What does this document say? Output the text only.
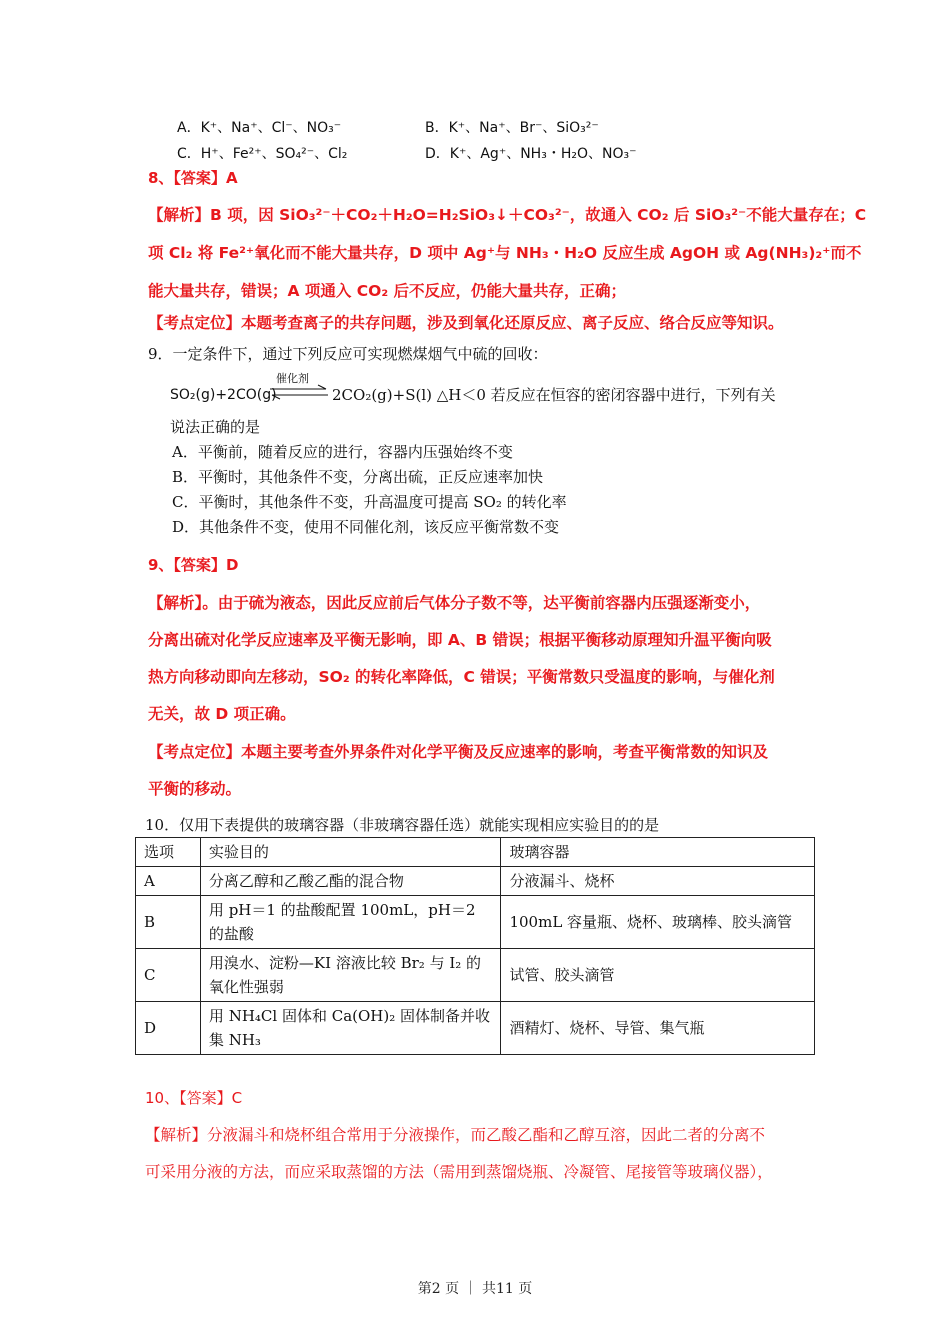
A．K⁺、Na⁺、Cl⁻、NO₃⁻	B．K⁺、Na⁺、Br⁻、SiO₃²⁻
C．H⁺、Fe²⁺、SO₄²⁻、Cl₂	D．K⁺、Ag⁺、NH₃・H₂O、NO₃⁻
8、【答案】A
【解析】B 项，因 SiO₃²⁻＋CO₂＋H₂O=H₂SiO₃↓＋CO₃²⁻，故通入 CO₂ 后 SiO₃²⁻不能大量存在；C
项 Cl₂ 将 Fe²⁺氧化而不能大量共存，D 项中 Ag⁺与 NH₃・H₂O 反应生成 AgOH 或 Ag(NH₃)₂⁺而不
能大量共存，错误；A 项通入 CO₂ 后不反应，仍能大量共存，正确；
【考点定位】本题考查离子的共存问题，涉及到氧化还原反应、离子反应、络合反应等知识。
9．一定条件下，通过下列反应可实现燃煤烟气中硫的回收：
催化剂
SO₂(g)+2CO(g) ⇌ 2CO₂(g)+S(l) △H＜0 若反应在恒容的密闭容器中进行，下列有关
说法正确的是
A．平衡前，随着反应的进行，容器内压强始终不变
B．平衡时，其他条件不变，分离出硫，正反应速率加快
C．平衡时，其他条件不变，升高温度可提高 SO₂ 的转化率
D．其他条件不变，使用不同催化剂，该反应平衡常数不变
9、【答案】D
【解析】。由于硫为液态，因此反应前后气体分子数不等，达平衡前容器内压强逐渐变小，
分离出硫对化学反应速率及平衡无影响，即 A、B 错误；根据平衡移动原理知升温平衡向吸
热方向移动即向左移动，SO₂ 的转化率降低，C 错误；平衡常数只受温度的影响，与催化剂
无关，故 D 项正确。
【考点定位】本题主要考查外界条件对化学平衡及反应速率的影响，考查平衡常数的知识及
平衡的移动。
10．仅用下表提供的玻璃容器（非玻璃容器任选）就能实现相应实验目的的是
选项	实验目的	玻璃容器
A	分离乙醇和乙酸乙酯的混合物	分液漏斗、烧杯
B	用 pH＝1 的盐酸配置 100mL，pH＝2 的盐酸	100mL 容量瓶、烧杯、玻璃棒、胶头滴管
C	用溴水、淀粉—KI 溶液比较 Br₂ 与 I₂ 的氧化性强弱	试管、胶头滴管
D	用 NH₄Cl 固体和 Ca(OH)₂ 固体制备并收集 NH₃	酒精灯、烧杯、导管、集气瓶
10、【答案】C
【解析】分液漏斗和烧杯组合常用于分液操作，而乙酸乙酯和乙醇互溶，因此二者的分离不
可采用分液的方法，而应采取蒸馏的方法（需用到蒸馏烧瓶、冷凝管、尾接管等玻璃仪器），
第2 页 ｜ 共11 页
